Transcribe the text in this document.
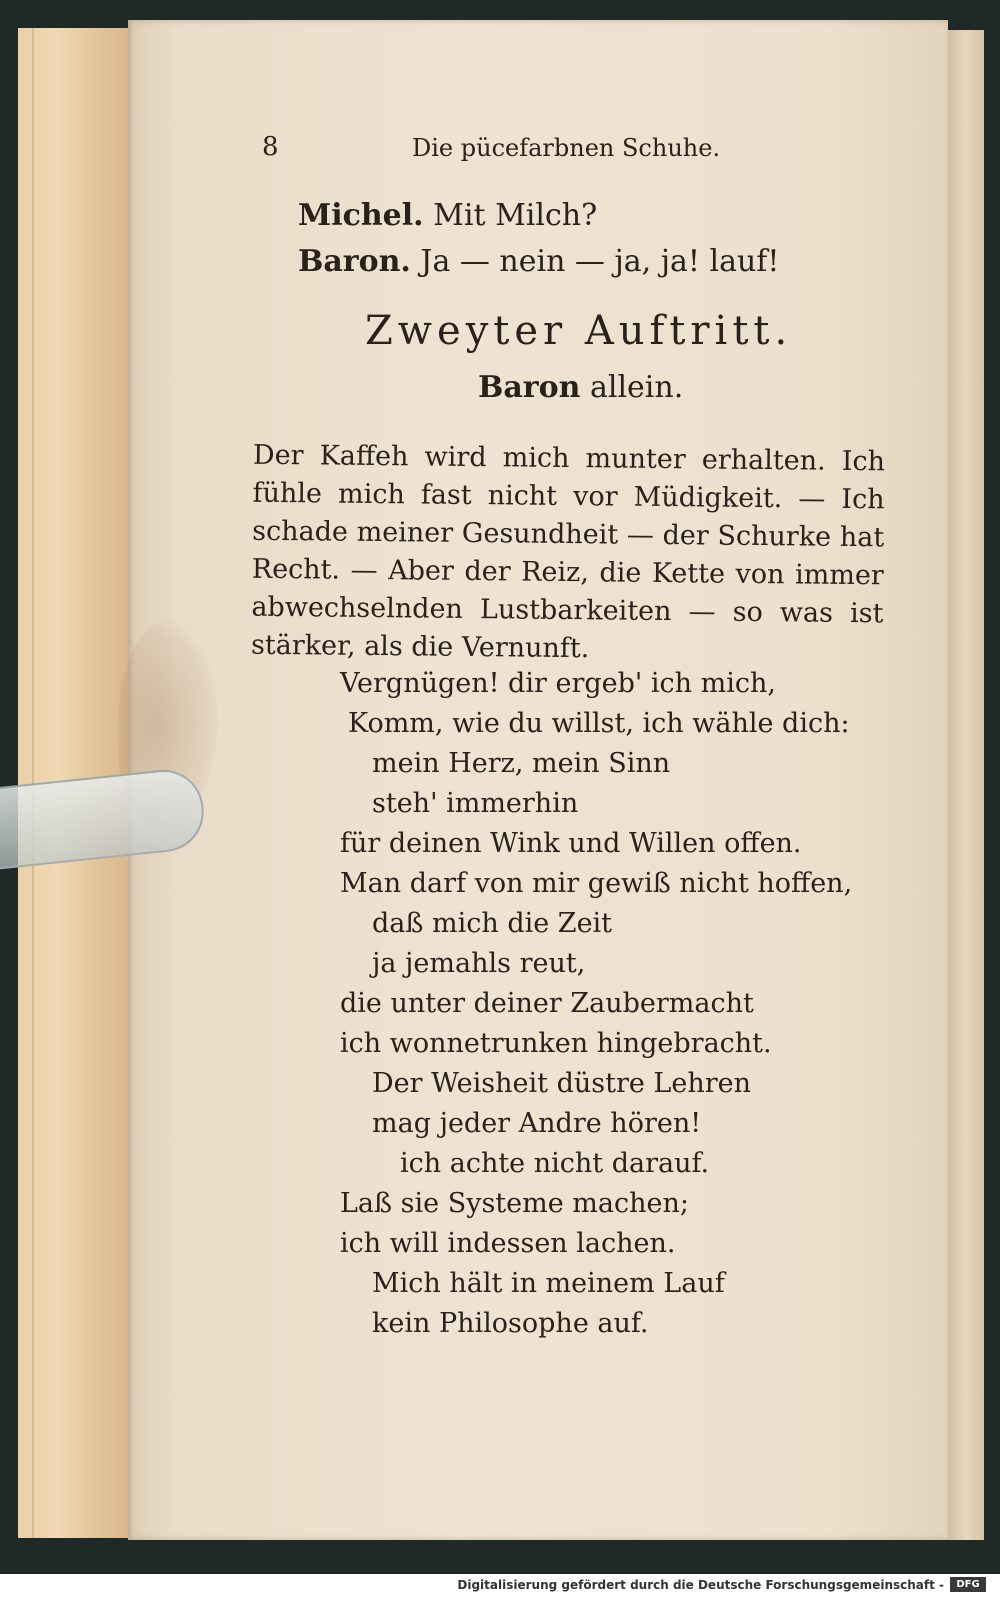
8	Die pücefarbnen Schuhe.
Michel. Mit Milch?
Baron. Ja — nein — ja, ja! lauf!
Zweyter Auftritt.
Baron allein.
Der Kaffeh wird mich munter erhalten. Ich fühle mich fast nicht vor Müdigkeit. — Ich schade meiner Gesundheit — der Schurke hat Recht. — Aber der Reiz, die Kette von immer abwechselnden Lustbarkeiten — so was ist stärker, als die Vernunft.
Vergnügen! dir ergeb' ich mich,
Komm, wie du willst, ich wähle dich:
mein Herz, mein Sinn
steh' immerhin
für deinen Wink und Willen offen.
Man darf von mir gewiß nicht hoffen,
daß mich die Zeit
ja jemahls reut,
die unter deiner Zaubermacht
ich wonnetrunken hingebracht.
Der Weisheit düstre Lehren
mag jeder Andre hören!
ich achte nicht darauf.
Laß sie Systeme machen;
ich will indessen lachen.
Mich hält in meinem Lauf
kein Philosophe auf.
Digitalisierung gefördert durch die Deutsche Forschungsgemeinschaft -	DFG
